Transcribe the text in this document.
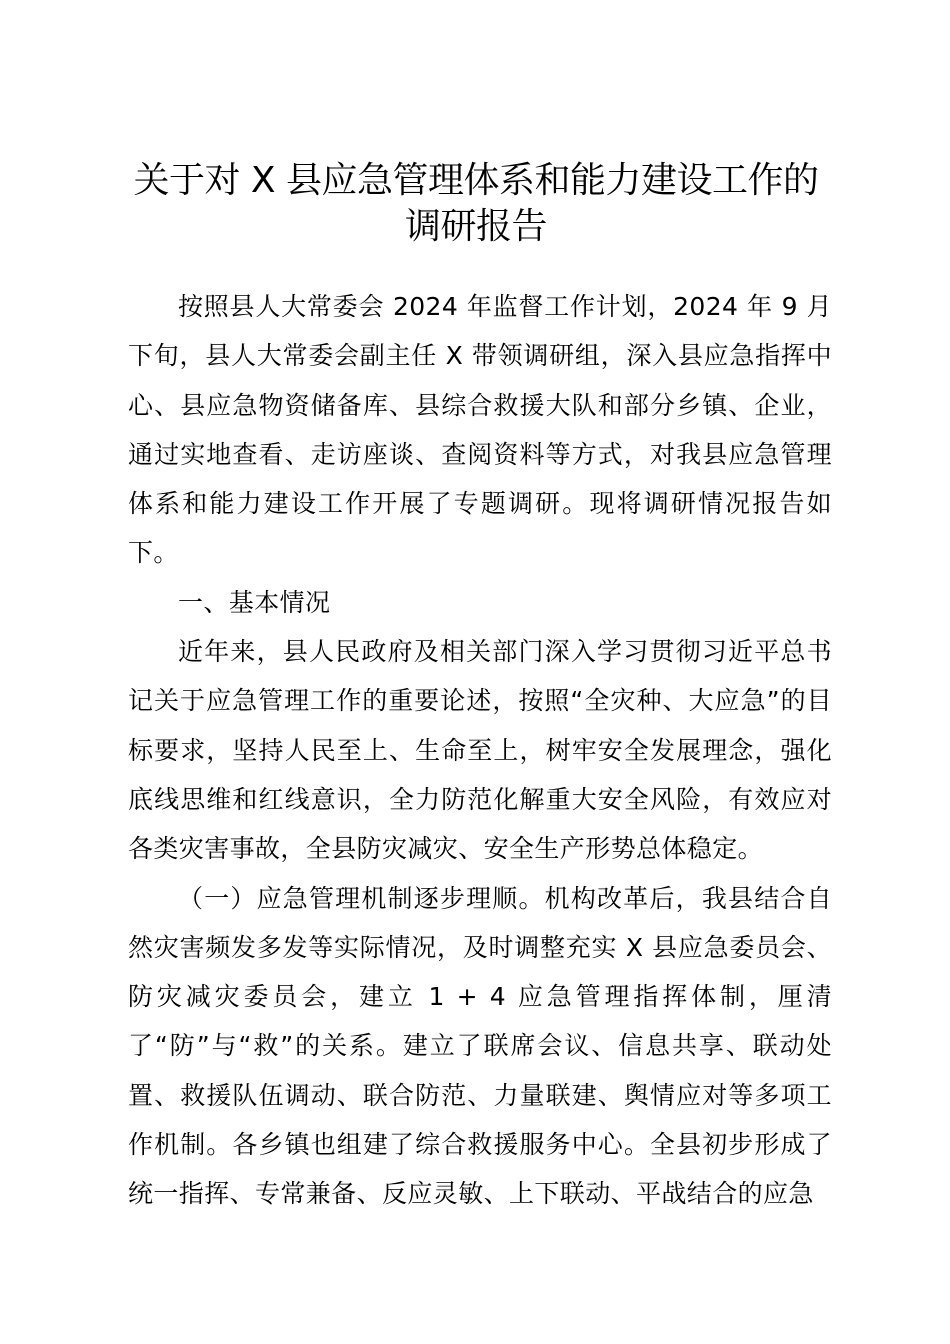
关于对 X 县应急管理体系和能力建设工作的调研报告

按照县人大常委会 2024 年监督工作计划，2024 年 9 月下旬，县人大常委会副主任 X 带领调研组，深入县应急指挥中心、县应急物资储备库、县综合救援大队和部分乡镇、企业，通过实地查看、走访座谈、查阅资料等方式，对我县应急管理体系和能力建设工作开展了专题调研。现将调研情况报告如下。

一、基本情况

近年来，县人民政府及相关部门深入学习贯彻习近平总书记关于应急管理工作的重要论述，按照“全灾种、大应急”的目标要求，坚持人民至上、生命至上，树牢安全发展理念，强化底线思维和红线意识，全力防范化解重大安全风险，有效应对各类灾害事故，全县防灾减灾、安全生产形势总体稳定。

（一）应急管理机制逐步理顺。机构改革后，我县结合自然灾害频发多发等实际情况，及时调整充实 X 县应急委员会、防灾减灾委员会，建立 1 + 4 应急管理指挥体制，厘清了“防”与“救”的关系。建立了联席会议、信息共享、联动处置、救援队伍调动、联合防范、力量联建、舆情应对等多项工作机制。各乡镇也组建了综合救援服务中心。全县初步形成了统一指挥、专常兼备、反应灵敏、上下联动、平战结合的应急
